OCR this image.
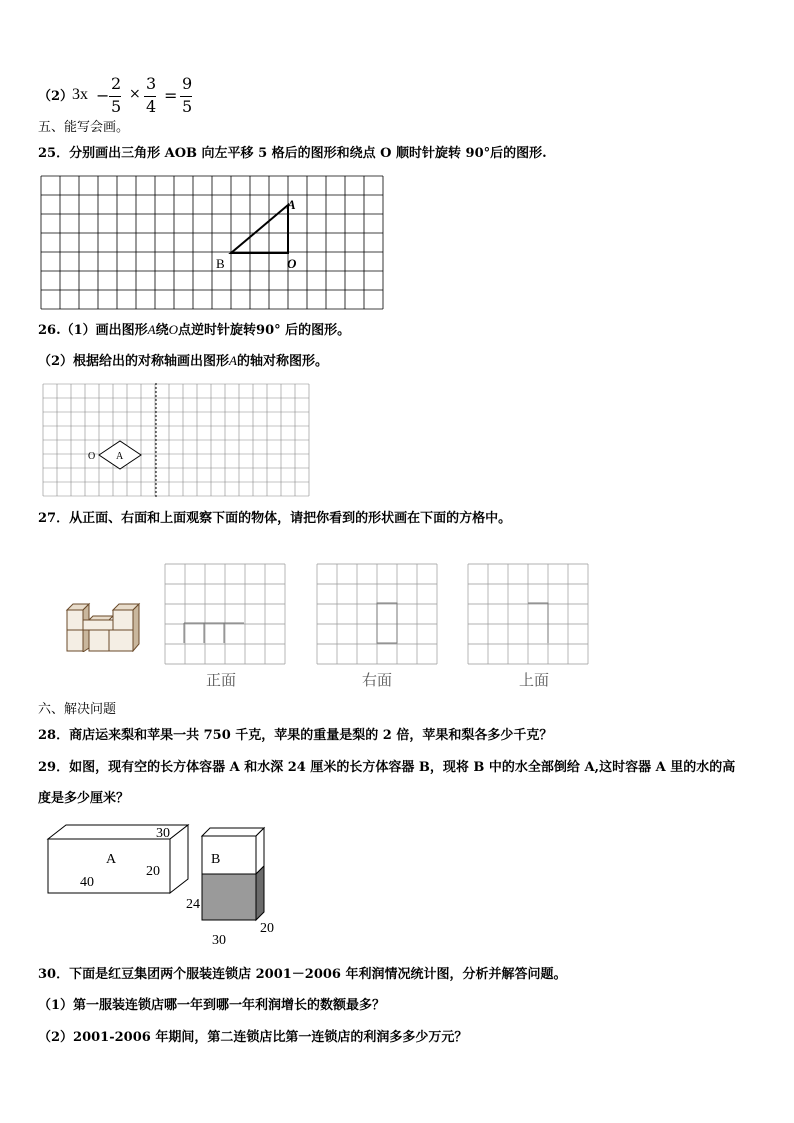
（2）
3x −
2
5
×
3
4
=
9
5
五、能写会画。
25．分别画出三角形 AOB 向左平移 5 格后的图形和绕点 O 顺时针旋转 90°后的图形.
A
B	O
26.（1）画出图形A绕O点逆时针旋转90° 后的图形。
（2）根据给出的对称轴画出图形A的轴对称图形。
A
O
27．从正面、右面和上面观察下面的物体，请把你看到的形状画在下面的方格中。
正面	右面	上面
六、解决问题
28．商店运来梨和苹果一共 750 千克，苹果的重量是梨的 2 倍，苹果和梨各多少千克？
29．如图，现有空的长方体容器 A 和水深 24 厘米的长方体容器 B，现将 B 中的水全部倒给 A,这时容器 A 里的水的高
度是多少厘米？
A
40
20
30
B
24
30
20
30．下面是红豆集团两个服装连锁店 2001－2006 年利润情况统计图，分析并解答问题。
（1）第一服装连锁店哪一年到哪一年利润增长的数额最多？
（2）2001-2006 年期间，第二连锁店比第一连锁店的利润多多少万元？
